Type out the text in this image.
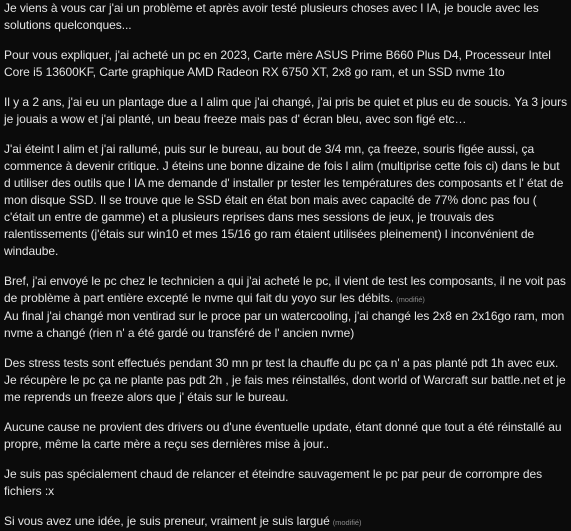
Je viens à vous car j'ai un problème et après avoir testé plusieurs choses avec l IA, je boucle avec les solutions quelconques...

Pour vous expliquer, j'ai acheté un pc en 2023, Carte mère ASUS Prime B660 Plus D4, Processeur Intel Core i5 13600KF, Carte graphique AMD Radeon RX 6750 XT, 2x8 go ram, et un SSD nvme 1to

Il y a 2 ans, j'ai eu un plantage due a l alim que j'ai changé, j'ai pris be quiet et plus eu de soucis. Ya 3 jours je jouais a wow et j'ai planté, un beau freeze mais pas d' écran bleu, avec son figé etc…

J'ai éteint l alim et j'ai rallumé, puis sur le bureau, au bout de 3/4 mn, ça freeze, souris figée aussi, ça commence à devenir critique. J éteins une bonne dizaine de fois l alim (multiprise cette fois ci) dans le but d utiliser des outils que l IA me demande d' installer pr tester les températures des composants et l' état de mon disque SSD. Il se trouve que le SSD était en état bon mais avec capacité de 77% donc pas fou ( c'était un entre de gamme) et a plusieurs reprises dans mes sessions de jeux, je trouvais des ralentissements (j'étais sur win10 et mes 15/16 go ram étaient utilisées pleinement) l inconvénient de windaube.

Bref, j'ai envoyé le pc chez le technicien a qui j'ai acheté le pc, il vient de test les composants, il ne voit pas de problème à part entière excepté le nvme qui fait du yoyo sur les débits. (modifié)

Au final j'ai changé mon ventirad sur le proce par un watercooling, j'ai changé les 2x8 en 2x16go ram, mon nvme a changé (rien n' a été gardé ou transféré de l' ancien nvme)

Des stress tests sont effectués pendant 30 mn pr test la chauffe du pc ça n' a pas planté pdt 1h avec eux. Je récupère le pc ça ne plante pas pdt 2h , je fais mes réinstallés, dont world of Warcraft sur battle.net et je me reprends un freeze alors que j' étais sur le bureau.

Aucune cause ne provient des drivers ou d'une éventuelle update, étant donné que tout a été réinstallé au propre, même la carte mère a reçu ses dernières mise à jour..

Je suis pas spécialement chaud de relancer et éteindre sauvagement le pc par peur de corrompre des fichiers :x

Si vous avez une idée, je suis preneur, vraiment je suis largué (modifié)
